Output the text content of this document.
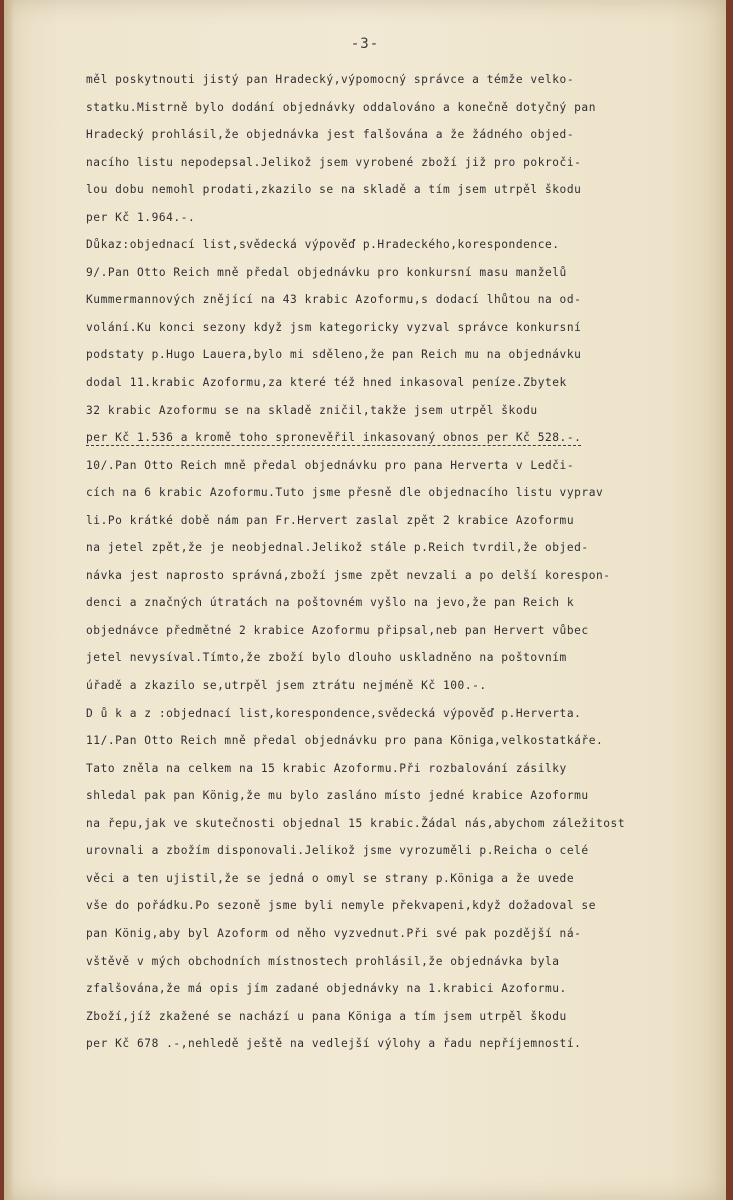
-3-
měl poskytnouti jistý pan Hradecký,výpomocný správce a témže velko-
statku.Mistrně bylo dodání objednávky oddalováno a konečně dotyčný pan
Hradecký prohlásil,že objednávka jest falšována a že žádného objed-
nacího listu nepodepsal.Jelikož jsem vyrobené zboží již pro pokroči-
lou dobu nemohl prodati,zkazilo se na skladě a tím jsem utrpěl škodu
per Kč 1.964.-.
Důkaz:objednací list,svědecká výpověď p.Hradeckého,korespondence.
9/.Pan Otto Reich mně předal objednávku pro konkursní masu manželů
Kummermannových znějící na 43 krabic Azoformu,s dodací lhůtou na od-
volání.Ku konci sezony když jsm kategoricky vyzval správce konkursní
podstaty p.Hugo Lauera,bylo mi sděleno,že pan Reich mu na objednávku
dodal 11.krabic Azoformu,za které též hned inkasoval peníze.Zbytek
32 krabic Azoformu se na skladě zničil,takže jsem utrpěl škodu
per Kč 1.536 a kromě toho spronevěřil inkasovaný obnos per Kč 528.-.
10/.Pan Otto Reich mně předal objednávku pro pana Herverta v Ledči-
cích na 6 krabic Azoformu.Tuto jsme přesně dle objednacího listu vyprav
li.Po krátké době nám pan Fr.Hervert zaslal zpět 2 krabice Azoformu
na jetel zpět,že je neobjednal.Jelikož stále p.Reich tvrdil,že objed-
návka jest naprosto správná,zboží jsme zpět nevzali a po delší korespon-
denci a značných útratách na poštovném vyšlo na jevo,že pan Reich k
objednávce předmětné 2 krabice Azoformu připsal,neb pan Hervert vůbec
jetel nevysíval.Tímto,že zboží bylo dlouho uskladněno na poštovním
úřadě a zkazilo se,utrpěl jsem ztrátu nejméně Kč 100.-.
D ů k a z :objednací list,korespondence,svědecká výpověď p.Herverta.
11/.Pan Otto Reich mně předal objednávku pro pana Königa,velkostatkáře.
Tato zněla na celkem na 15 krabic Azoformu.Při rozbalování zásilky
shledal pak pan König,že mu bylo zasláno místo jedné krabice Azoformu
na řepu,jak ve skutečnosti objednal 15 krabic.Žádal nás,abychom záležitost
urovnali a zbožím disponovali.Jelikož jsme vyrozuměli p.Reicha o celé
věci a ten ujistil,že se jedná o omyl se strany p.Königa a že uvede
vše do pořádku.Po sezoně jsme byli nemyle překvapeni,když dožadoval se
pan König,aby byl Azoform od něho vyzvednut.Při své pak pozdější ná-
vštěvě v mých obchodních místnostech prohlásil,že objednávka byla
zfalšována,že má opis jím zadané objednávky na 1.krabici Azoformu.
Zboží,jíž zkažené se nachází u pana Königa a tím jsem utrpěl škodu
per Kč 678 .-,nehledě ještě na vedlejší výlohy a řadu nepříjemností.
